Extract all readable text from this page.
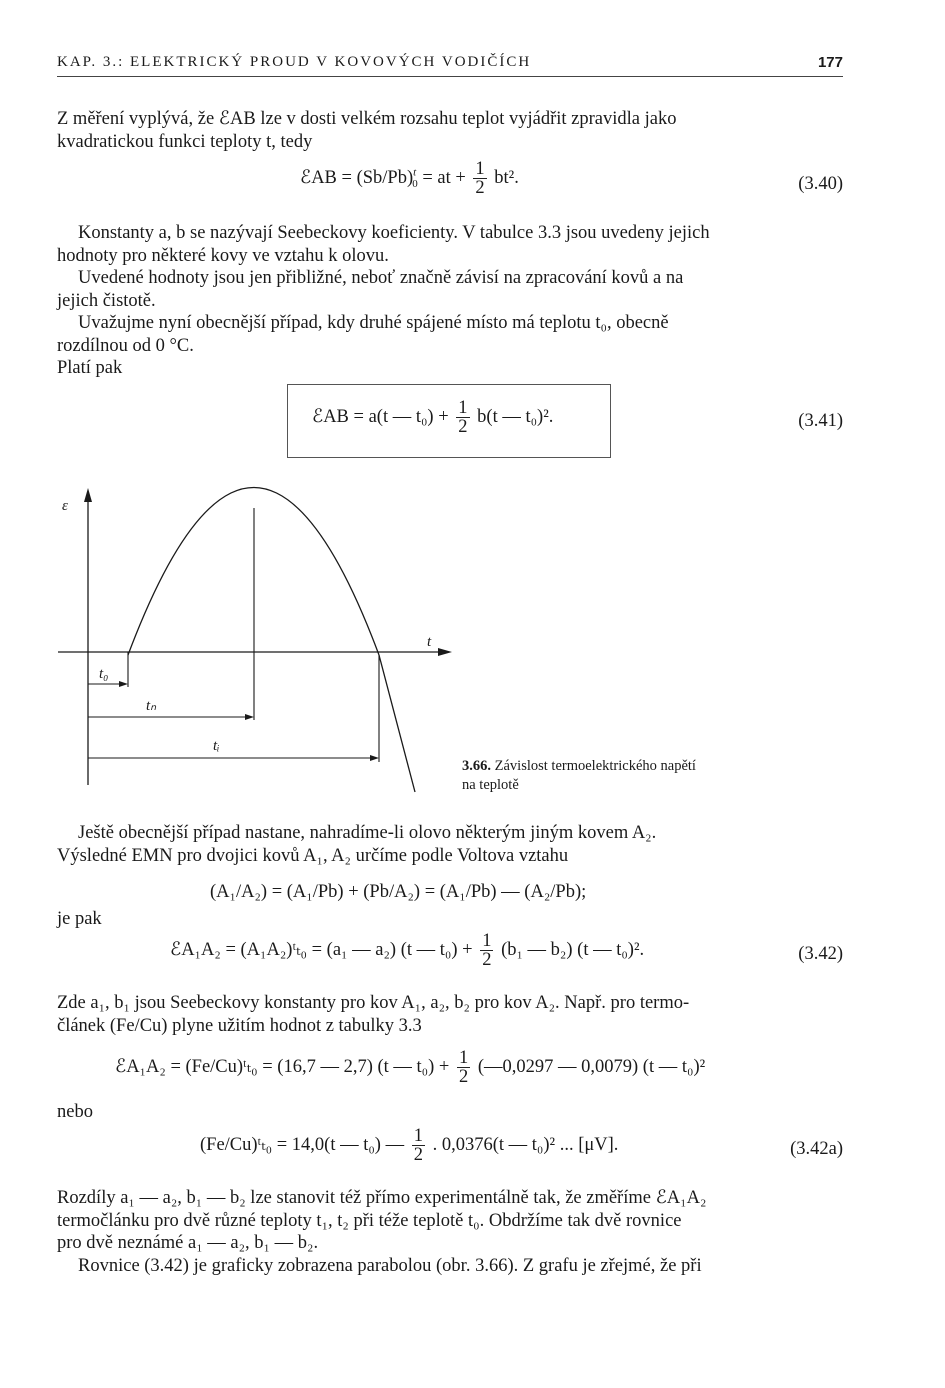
KAP. 3.: ELEKTRICKÝ PROUD V KOVOVÝCH VODIČÍCH	177
Z měření vyplývá, že ℰAB lze v dosti velkém rozsahu teplot vyjádřit zpravidla jako
kvadratickou funkci teploty t, tedy
ℰAB = $(Sb/Pb)^t_0$ = at + $\frac{1}{2} bt^2$.	(3.40)
Konstanty a, b se nazývají Seebeckovy koeficienty. V tabulce 3.3 jsou uvedeny jejich
hodnoty pro některé kovy ve vztahu k olovu.
Uvedené hodnoty jsou jen přibližné, neboť značně závisí na zpracování kovů a na
jejich čistotě.
Uvažujme nyní obecnější případ, kdy druhé spájené místo má teplotu t₀, obecně
rozdílnou od 0 °C.
Platí pak
ℰAB = a(t — $t_0) + \frac{1}{2} b(t$ — t₀)².	(3.41)
ε
t
t₀
tₙ
tᵢ
3.66. Závislost termoelektrického napětí
na teplotě
Ještě obecnější případ nastane, nahradíme-li olovo některým jiným kovem A₂.
Výsledné EMN pro dvojici kovů A₁, A₂ určíme podle Voltova vztahu
(A₁/A₂) = (A₁/Pb) + (Pb/A₂) = (A₁/Pb) — (A₂/Pb);
je pak
ℰA₁A₂ = (A₁A₂)ᵗₜ₀ = (a₁ — a₂) (t — $t_0) + \frac{1}{2} (b_1$ — b₂) (t — t₀)².	(3.42)
Zde a₁, b₁ jsou Seebeckovy konstanty pro kov A₁, a₂, b₂ pro kov A₂. Např. pro termo-
článek (Fe/Cu) plyne užitím hodnot z tabulky 3.3
ℰA₁A₂ = (Fe/Cu)ᵗₜ₀ = (16,7 — 2,7) (t — $t_0) + \frac{1}{2}$ (—0,0297 — 0,0079) (t — t₀)²
nebo
(Fe/Cu)ᵗₜ₀ = 14,0(t — t₀) — $\frac{1}{2}$ . 0,0376(t — t₀)² ... [μV].	(3.42a)
Rozdíly a₁ — a₂, b₁ — b₂ lze stanovit též přímo experimentálně tak, že změříme ℰA₁A₂
termočlánku pro dvě různé teploty t₁, t₂ při téže teplotě t₀. Obdržíme tak dvě rovnice
pro dvě neznámé a₁ — a₂, b₁ — b₂.
Rovnice (3.42) je graficky zobrazena parabolou (obr. 3.66). Z grafu je zřejmé, že při
